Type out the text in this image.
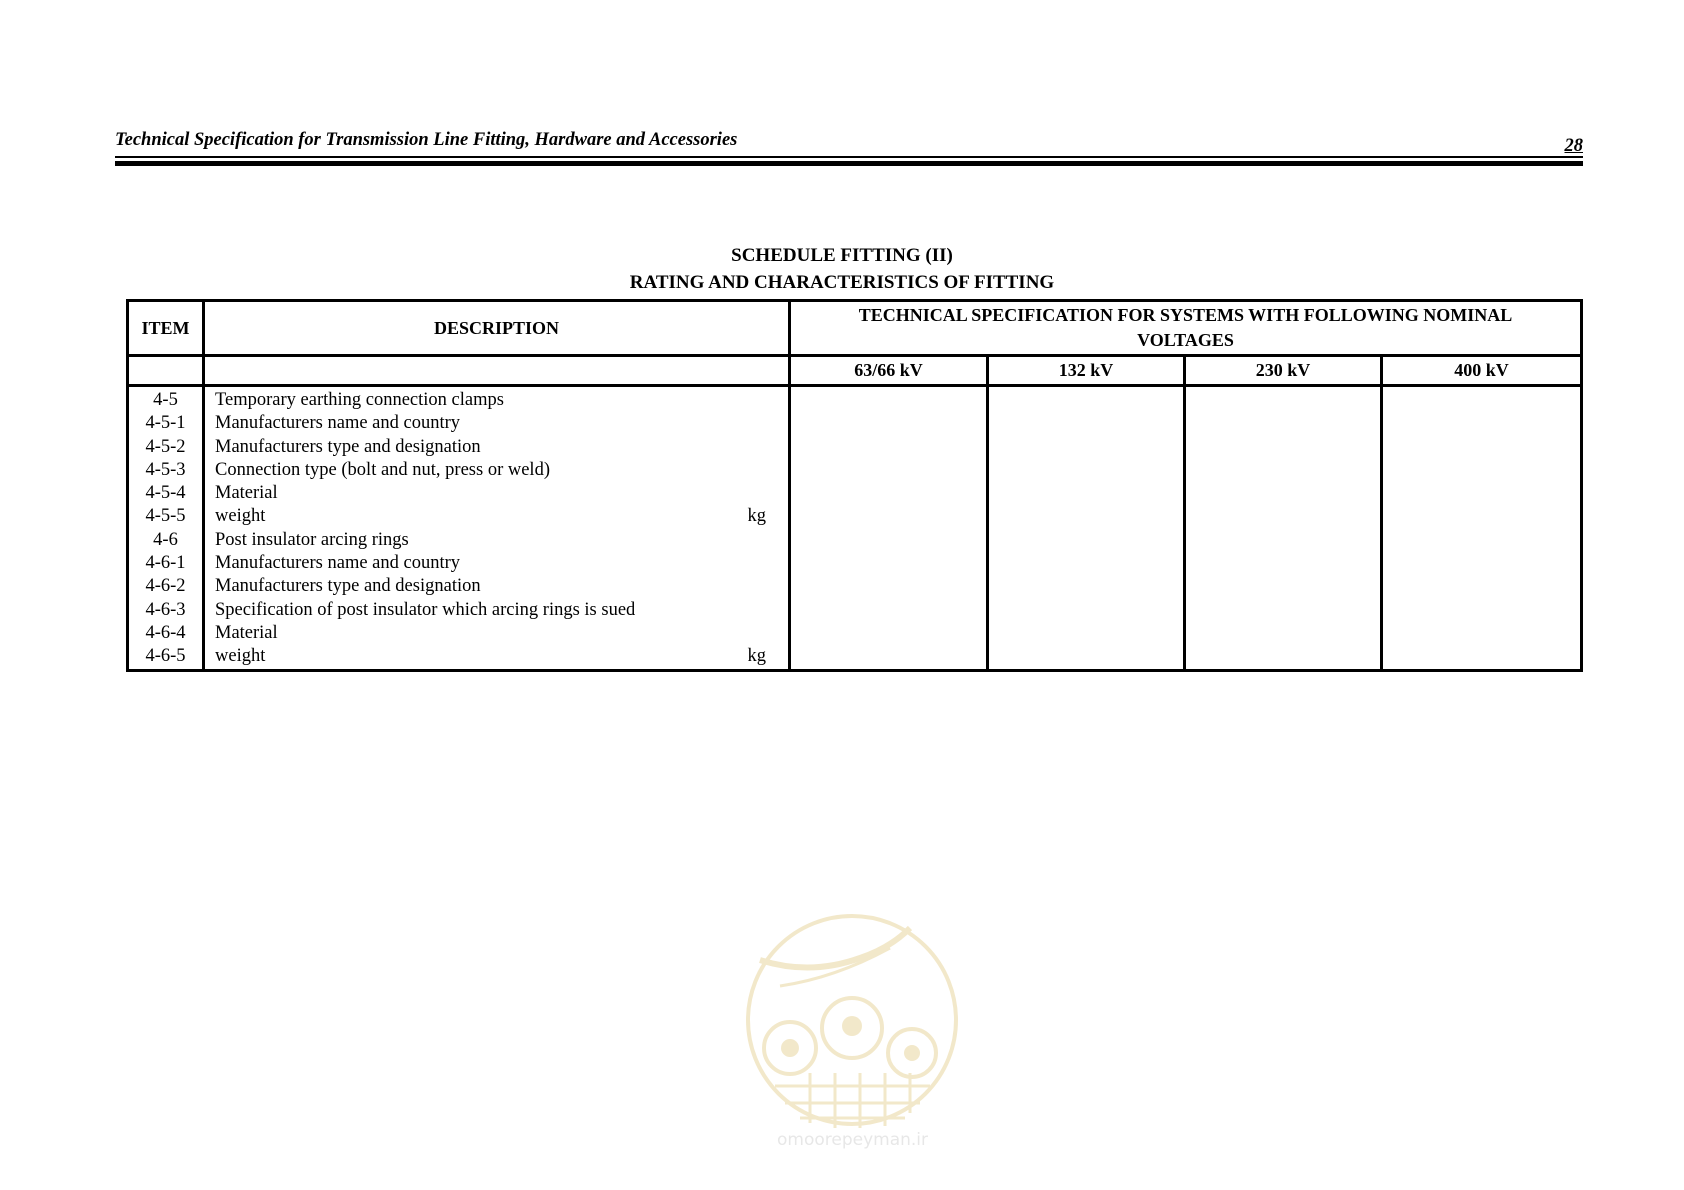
Technical Specification for Transmission Line Fitting, Hardware and Accessories	28
SCHEDULE FITTING (II)
RATING AND CHARACTERISTICS OF FITTING
ITEM	DESCRIPTION	TECHNICAL SPECIFICATION FOR SYSTEMS WITH FOLLOWING NOMINAL VOLTAGES			

		63/66 kV	132 kV	230 kV	400 kV
4-5	Temporary earthing connection clamps				
4-5-1	Manufacturers name and country				
4-5-2	Manufacturers type and designation				
4-5-3	Connection type (bolt and nut, press or weld)				
4-5-4	Material				
4-5-5	weight kg				

4-6	Post insulator arcing rings				
4-6-1	Manufacturers name and country				
4-6-2	Manufacturers type and designation				
4-6-3	Specification of post insulator which arcing rings is sued				
4-6-4	Material				
4-6-5	weight kg				

omoorepeyman.ir
